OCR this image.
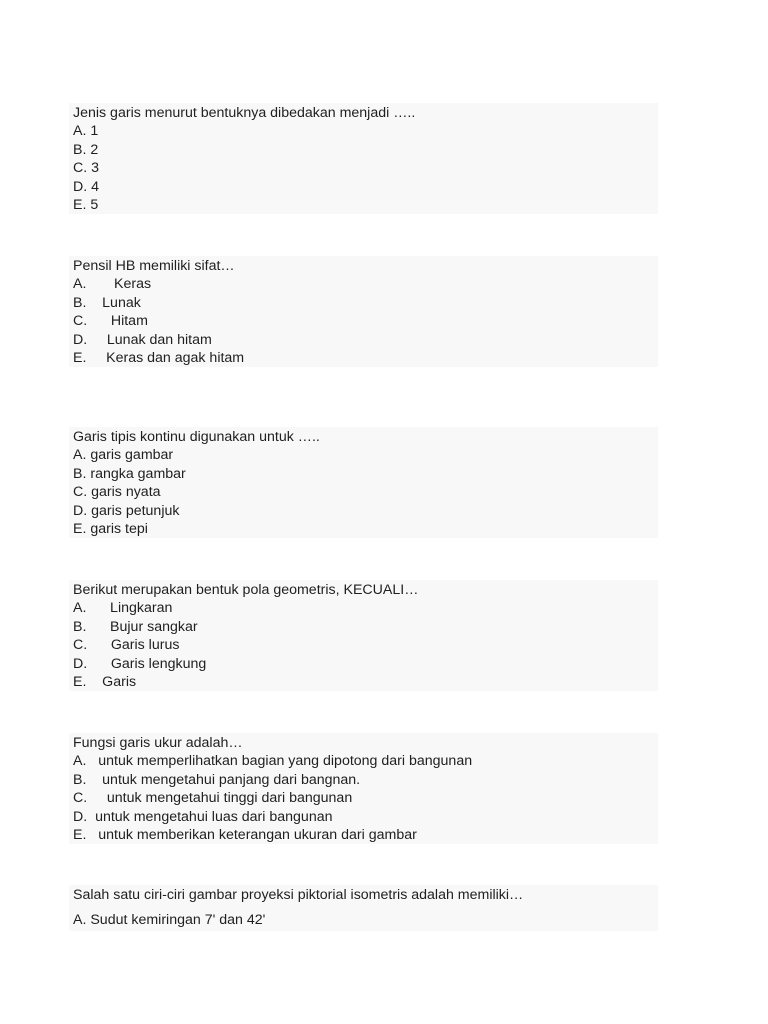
Jenis garis menurut bentuknya dibedakan menjadi …..
A. 1
B. 2
C. 3
D. 4
E. 5
Pensil HB memiliki sifat…
A.       Keras
B.    Lunak
C.      Hitam
D.     Lunak dan hitam
E.     Keras dan agak hitam
Garis tipis kontinu digunakan untuk …..
A. garis gambar
B. rangka gambar
C. garis nyata
D. garis petunjuk
E. garis tepi
Berikut merupakan bentuk pola geometris, KECUALI…
A.      Lingkaran
B.      Bujur sangkar
C.      Garis lurus
D.      Garis lengkung
E.    Garis
Fungsi garis ukur adalah…
A.   untuk memperlihatkan bagian yang dipotong dari bangunan
B.    untuk mengetahui panjang dari bangnan.
C.     untuk mengetahui tinggi dari bangunan
D.  untuk mengetahui luas dari bangunan
E.   untuk memberikan keterangan ukuran dari gambar
Salah satu ciri-ciri gambar proyeksi piktorial isometris adalah memiliki…
A. Sudut kemiringan 7' dan 42'
